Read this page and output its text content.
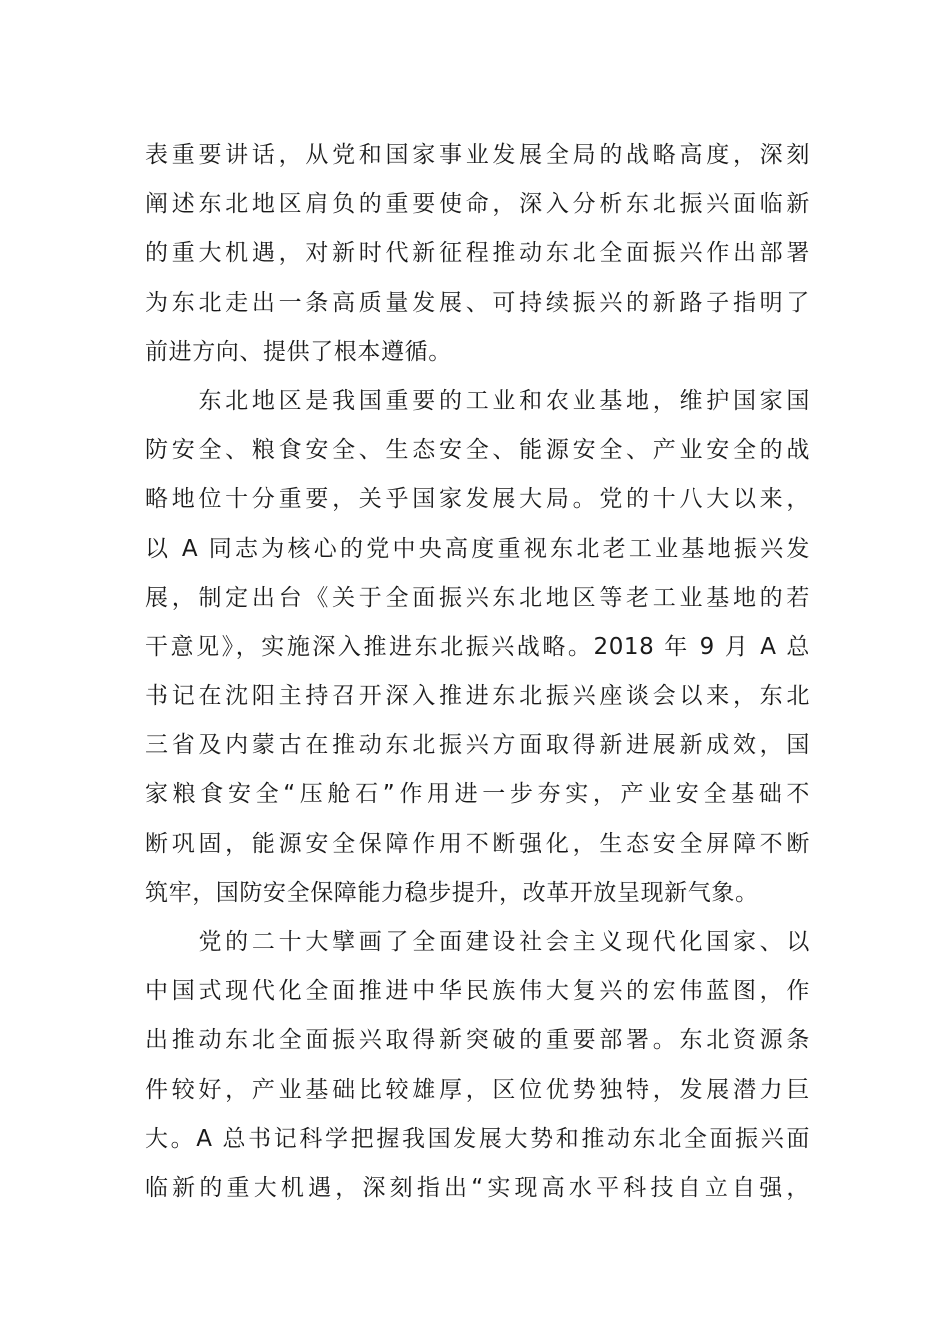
表重要讲话，从党和国家事业发展全局的战略高度，深刻
阐述东北地区肩负的重要使命，深入分析东北振兴面临新
的重大机遇，对新时代新征程推动东北全面振兴作出部署
为东北走出一条高质量发展、可持续振兴的新路子指明了
前进方向、提供了根本遵循。
　　东北地区是我国重要的工业和农业基地，维护国家国
防安全、粮食安全、生态安全、能源安全、产业安全的战
略地位十分重要，关乎国家发展大局。党的十八大以来，
以 A 同志为核心的党中央高度重视东北老工业基地振兴发
展，制定出台《关于全面振兴东北地区等老工业基地的若
干意见》，实施深入推进东北振兴战略。2018 年 9 月 A 总
书记在沈阳主持召开深入推进东北振兴座谈会以来，东北
三省及内蒙古在推动东北振兴方面取得新进展新成效，国
家粮食安全“压舱石”作用进一步夯实，产业安全基础不
断巩固，能源安全保障作用不断强化，生态安全屏障不断
筑牢，国防安全保障能力稳步提升，改革开放呈现新气象。
　　党的二十大擘画了全面建设社会主义现代化国家、以
中国式现代化全面推进中华民族伟大复兴的宏伟蓝图，作
出推动东北全面振兴取得新突破的重要部署。东北资源条
件较好，产业基础比较雄厚，区位优势独特，发展潜力巨
大。A 总书记科学把握我国发展大势和推动东北全面振兴面
临新的重大机遇，深刻指出“实现高水平科技自立自强，
